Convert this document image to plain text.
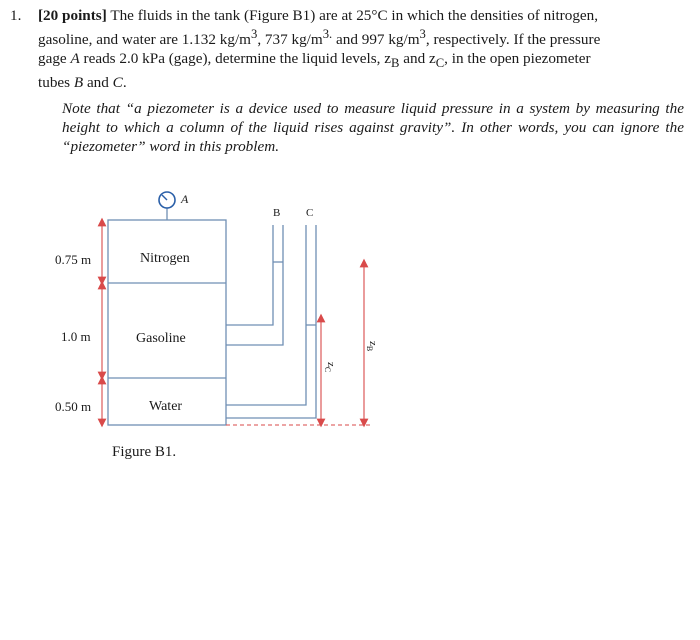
1. [20 points] The fluids in the tank (Figure B1) are at 25°C in which the densities of nitrogen,
gasoline, and water are 1.132 $kg/m^3$, 737 $kg/m^{3.}$ and 997 $kg/m^3$, respectively. If the pressure
gage A reads 2.0 kPa (gage), determine the liquid levels, $z_B$ and $z_C$, in the open piezometer
tubes B and C.
Note that “a piezometer is a device used to measure liquid pressure in a system by measuring the height to which a column of the liquid rises against gravity”. In other words, you can ignore the “piezometer” word in this problem.
A
B C
Nitrogen
Gasoline
Water
0.75 m
1.0 m
0.50 m
$z_C$
$z_B$
Figure B1.
